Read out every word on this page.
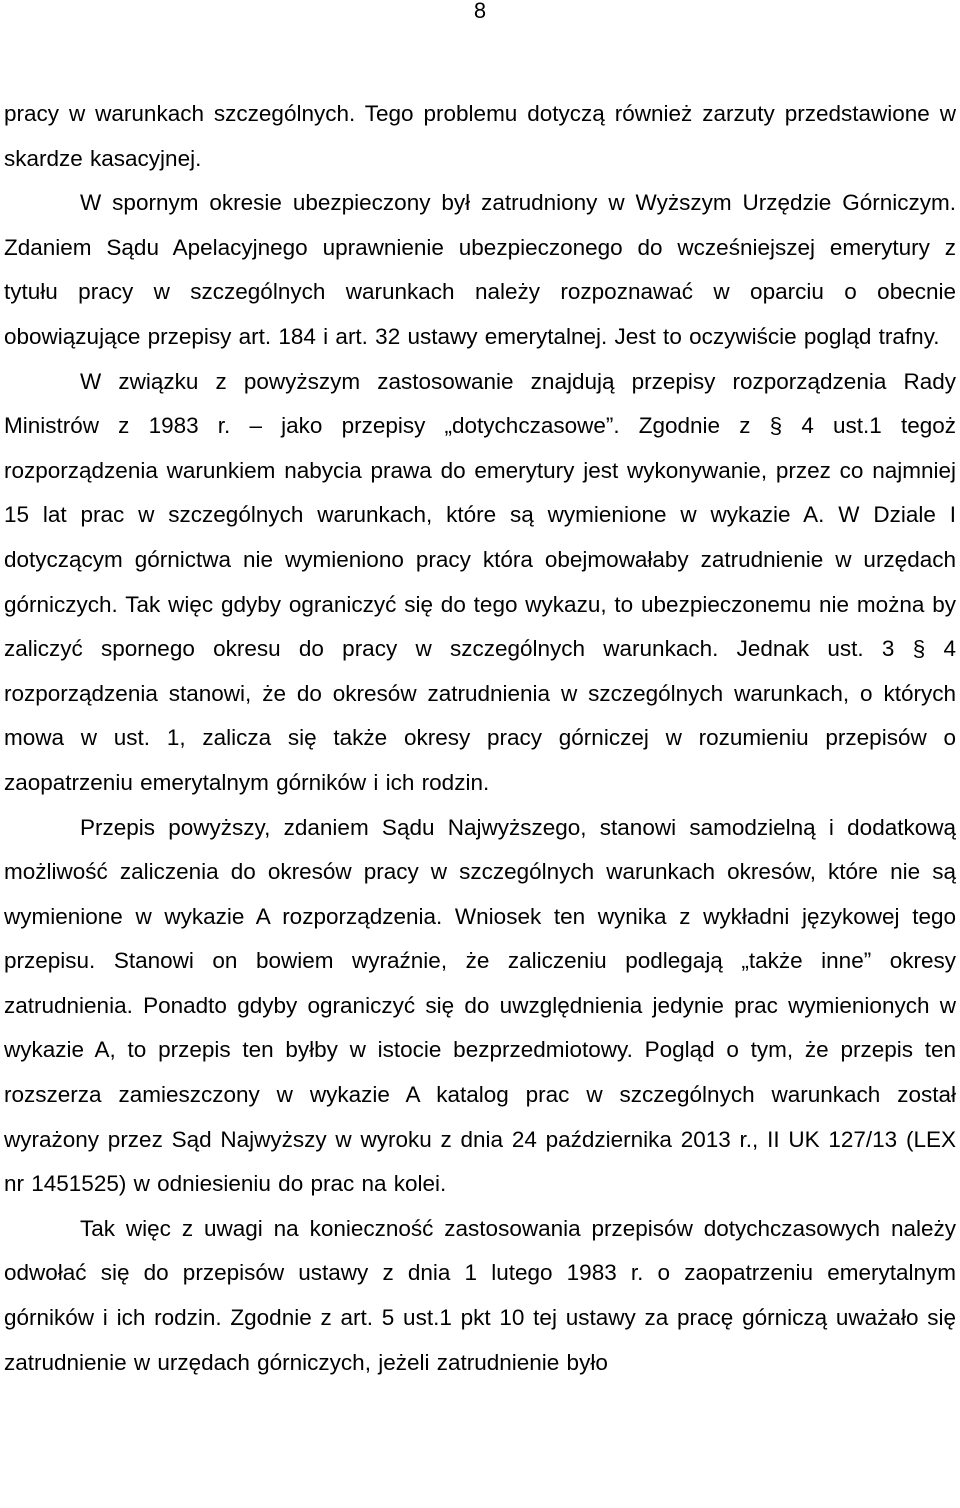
8

pracy w warunkach szczególnych. Tego problemu dotyczą również zarzuty przedstawione w skardze kasacyjnej.

W spornym okresie ubezpieczony był zatrudniony w Wyższym Urzędzie Górniczym. Zdaniem Sądu Apelacyjnego uprawnienie ubezpieczonego do wcześniejszej emerytury z tytułu pracy w szczególnych warunkach należy rozpoznawać w oparciu o obecnie obowiązujące przepisy art. 184 i art. 32 ustawy emerytalnej. Jest to oczywiście pogląd trafny.

W związku z powyższym zastosowanie znajdują przepisy rozporządzenia Rady Ministrów z 1983 r. – jako przepisy „dotychczasowe”. Zgodnie z § 4 ust.1 tegoż rozporządzenia warunkiem nabycia prawa do emerytury jest wykonywanie, przez co najmniej 15 lat prac w szczególnych warunkach, które są wymienione w wykazie A. W Dziale I dotyczącym górnictwa nie wymieniono pracy która obejmowałaby zatrudnienie w urzędach górniczych. Tak więc gdyby ograniczyć się do tego wykazu, to ubezpieczonemu nie można by zaliczyć spornego okresu do pracy w szczególnych warunkach. Jednak ust. 3 § 4 rozporządzenia stanowi, że do okresów zatrudnienia w szczególnych warunkach, o których mowa w ust. 1, zalicza się także okresy pracy górniczej w rozumieniu przepisów o zaopatrzeniu emerytalnym górników i ich rodzin.

Przepis powyższy, zdaniem Sądu Najwyższego, stanowi samodzielną i dodatkową możliwość zaliczenia do okresów pracy w szczególnych warunkach okresów, które nie są wymienione w wykazie A rozporządzenia. Wniosek ten wynika z wykładni językowej tego przepisu. Stanowi on bowiem wyraźnie, że zaliczeniu podlegają „także inne” okresy zatrudnienia. Ponadto gdyby ograniczyć się do uwzględnienia jedynie prac wymienionych w wykazie A, to przepis ten byłby w istocie bezprzedmiotowy. Pogląd o tym, że przepis ten rozszerza zamieszczony w wykazie A katalog prac w szczególnych warunkach został wyrażony przez Sąd Najwyższy w wyroku z dnia 24 października 2013 r., II UK 127/13 (LEX nr 1451525) w odniesieniu do prac na kolei.

Tak więc z uwagi na konieczność zastosowania przepisów dotychczasowych należy odwołać się do przepisów ustawy z dnia 1 lutego 1983 r. o zaopatrzeniu emerytalnym górników i ich rodzin. Zgodnie z art. 5 ust.1 pkt 10 tej ustawy za pracę górniczą uważało się zatrudnienie w urzędach górniczych, jeżeli zatrudnienie było
